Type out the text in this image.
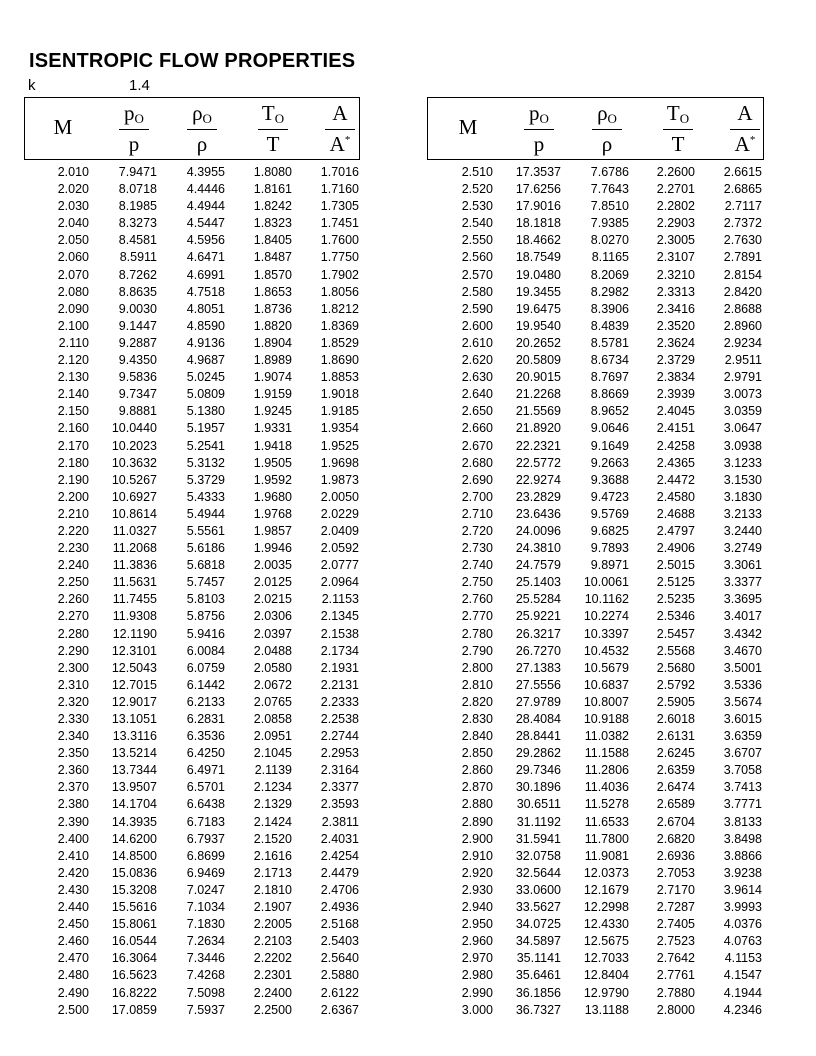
ISENTROPIC FLOW PROPERTIES
k	1.4
M
$p_O$
p
$\rho_O$
ρ
$T_O$
T
A
A*
M
$p_O$
p
$\rho_O$
ρ
$T_O$
T
A
A*
2.010 7.9471 4.3955 1.8080 1.7016
2.020 8.0718 4.4446 1.8161 1.7160
2.030 8.1985 4.4944 1.8242 1.7305
2.040 8.3273 4.5447 1.8323 1.7451
2.050 8.4581 4.5956 1.8405 1.7600
2.060 8.5911 4.6471 1.8487 1.7750
2.070 8.7262 4.6991 1.8570 1.7902
2.080 8.8635 4.7518 1.8653 1.8056
2.090 9.0030 4.8051 1.8736 1.8212
2.100 9.1447 4.8590 1.8820 1.8369
2.110 9.2887 4.9136 1.8904 1.8529
2.120 9.4350 4.9687 1.8989 1.8690
2.130 9.5836 5.0245 1.9074 1.8853
2.140 9.7347 5.0809 1.9159 1.9018
2.150 9.8881 5.1380 1.9245 1.9185
2.160 10.0440 5.1957 1.9331 1.9354
2.170 10.2023 5.2541 1.9418 1.9525
2.180 10.3632 5.3132 1.9505 1.9698
2.190 10.5267 5.3729 1.9592 1.9873
2.200 10.6927 5.4333 1.9680 2.0050
2.210 10.8614 5.4944 1.9768 2.0229
2.220 11.0327 5.5561 1.9857 2.0409
2.230 11.2068 5.6186 1.9946 2.0592
2.240 11.3836 5.6818 2.0035 2.0777
2.250 11.5631 5.7457 2.0125 2.0964
2.260 11.7455 5.8103 2.0215 2.1153
2.270 11.9308 5.8756 2.0306 2.1345
2.280 12.1190 5.9416 2.0397 2.1538
2.290 12.3101 6.0084 2.0488 2.1734
2.300 12.5043 6.0759 2.0580 2.1931
2.310 12.7015 6.1442 2.0672 2.2131
2.320 12.9017 6.2133 2.0765 2.2333
2.330 13.1051 6.2831 2.0858 2.2538
2.340 13.3116 6.3536 2.0951 2.2744
2.350 13.5214 6.4250 2.1045 2.2953
2.360 13.7344 6.4971 2.1139 2.3164
2.370 13.9507 6.5701 2.1234 2.3377
2.380 14.1704 6.6438 2.1329 2.3593
2.390 14.3935 6.7183 2.1424 2.3811
2.400 14.6200 6.7937 2.1520 2.4031
2.410 14.8500 6.8699 2.1616 2.4254
2.420 15.0836 6.9469 2.1713 2.4479
2.430 15.3208 7.0247 2.1810 2.4706
2.440 15.5616 7.1034 2.1907 2.4936
2.450 15.8061 7.1830 2.2005 2.5168
2.460 16.0544 7.2634 2.2103 2.5403
2.470 16.3064 7.3446 2.2202 2.5640
2.480 16.5623 7.4268 2.2301 2.5880
2.490 16.8222 7.5098 2.2400 2.6122
2.500 17.0859 7.5937 2.2500 2.6367
2.510 17.3537 7.6786 2.2600 2.6615
2.520 17.6256 7.7643 2.2701 2.6865
2.530 17.9016 7.8510 2.2802 2.7117
2.540 18.1818 7.9385 2.2903 2.7372
2.550 18.4662 8.0270 2.3005 2.7630
2.560 18.7549 8.1165 2.3107 2.7891
2.570 19.0480 8.2069 2.3210 2.8154
2.580 19.3455 8.2982 2.3313 2.8420
2.590 19.6475 8.3906 2.3416 2.8688
2.600 19.9540 8.4839 2.3520 2.8960
2.610 20.2652 8.5781 2.3624 2.9234
2.620 20.5809 8.6734 2.3729 2.9511
2.630 20.9015 8.7697 2.3834 2.9791
2.640 21.2268 8.8669 2.3939 3.0073
2.650 21.5569 8.9652 2.4045 3.0359
2.660 21.8920 9.0646 2.4151 3.0647
2.670 22.2321 9.1649 2.4258 3.0938
2.680 22.5772 9.2663 2.4365 3.1233
2.690 22.9274 9.3688 2.4472 3.1530
2.700 23.2829 9.4723 2.4580 3.1830
2.710 23.6436 9.5769 2.4688 3.2133
2.720 24.0096 9.6825 2.4797 3.2440
2.730 24.3810 9.7893 2.4906 3.2749
2.740 24.7579 9.8971 2.5015 3.3061
2.750 25.1403 10.0061 2.5125 3.3377
2.760 25.5284 10.1162 2.5235 3.3695
2.770 25.9221 10.2274 2.5346 3.4017
2.780 26.3217 10.3397 2.5457 3.4342
2.790 26.7270 10.4532 2.5568 3.4670
2.800 27.1383 10.5679 2.5680 3.5001
2.810 27.5556 10.6837 2.5792 3.5336
2.820 27.9789 10.8007 2.5905 3.5674
2.830 28.4084 10.9188 2.6018 3.6015
2.840 28.8441 11.0382 2.6131 3.6359
2.850 29.2862 11.1588 2.6245 3.6707
2.860 29.7346 11.2806 2.6359 3.7058
2.870 30.1896 11.4036 2.6474 3.7413
2.880 30.6511 11.5278 2.6589 3.7771
2.890 31.1192 11.6533 2.6704 3.8133
2.900 31.5941 11.7800 2.6820 3.8498
2.910 32.0758 11.9081 2.6936 3.8866
2.920 32.5644 12.0373 2.7053 3.9238
2.930 33.0600 12.1679 2.7170 3.9614
2.940 33.5627 12.2998 2.7287 3.9993
2.950 34.0725 12.4330 2.7405 4.0376
2.960 34.5897 12.5675 2.7523 4.0763
2.970 35.1141 12.7033 2.7642 4.1153
2.980 35.6461 12.8404 2.7761 4.1547
2.990 36.1856 12.9790 2.7880 4.1944
3.000 36.7327 13.1188 2.8000 4.2346
